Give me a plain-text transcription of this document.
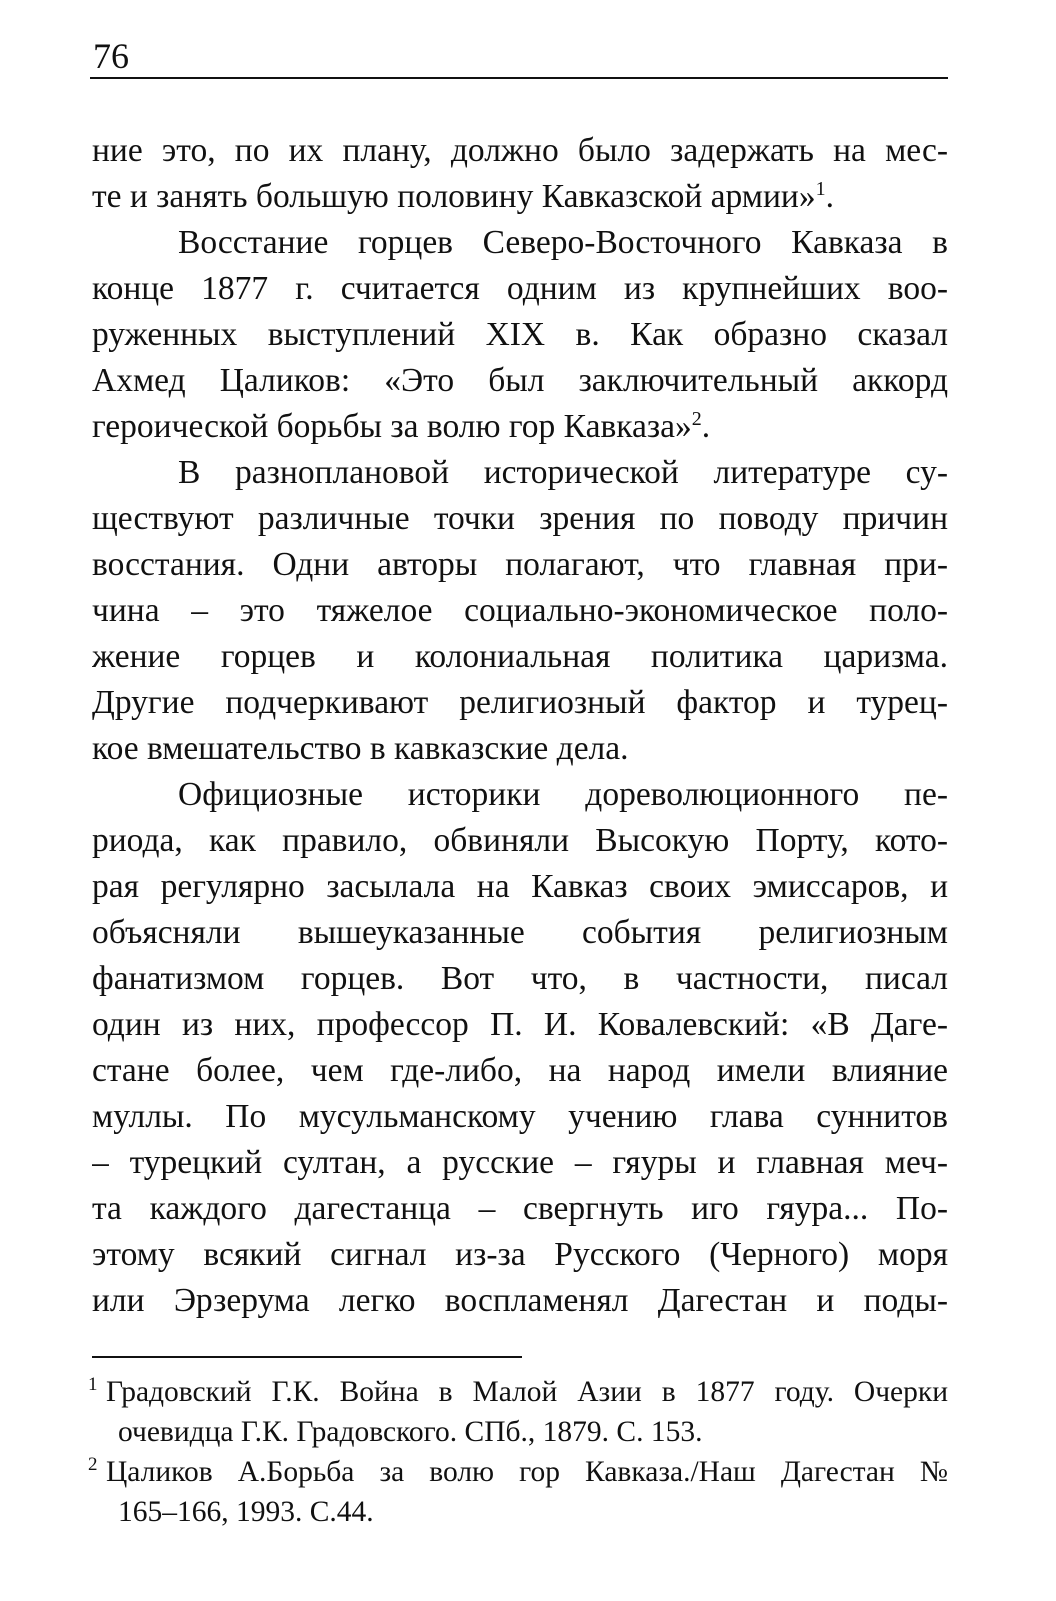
76

ние это, по их плану, должно было задержать на мес-
те и занять большую половину Кавказской армии»$^1$.
Восстание горцев Северо-Восточного Кавказа в
конце 1877 г. считается одним из крупнейших воо-
руженных выступлений XIX в. Как образно сказал
Ахмед Цаликов: «Это был заключительный аккорд
героической борьбы за волю гор Кавказа»$^2$.
В разноплановой исторической литературе су-
ществуют различные точки зрения по поводу причин
восстания. Одни авторы полагают, что главная при-
чина – это тяжелое социально-экономическое поло-
жение горцев и колониальная политика царизма.
Другие подчеркивают религиозный фактор и турец-
кое вмешательство в кавказские дела.
Официозные историки дореволюционного пе-
риода, как правило, обвиняли Высокую Порту, кото-
рая регулярно засылала на Кавказ своих эмиссаров, и
объясняли вышеуказанные события религиозным
фанатизмом горцев. Вот что, в частности, писал
один из них, профессор П. И. Ковалевский: «В Даге-
стане более, чем где-либо, на народ имели влияние
муллы. По мусульманскому учению глава суннитов
– турецкий султан, а русские – гяуры и главная меч-
та каждого дагестанца – свергнуть иго гяура... По-
этому всякий сигнал из-за Русского (Черного) моря
или Эрзерума легко воспламенял Дагестан и поды-
1 Градовский Г.К. Война в Малой Азии в 1877 году. Очерки
очевидца Г.К. Градовского. СПб., 1879. С. 153.
2 Цаликов А.Борьба за волю гор Кавказа./Наш Дагестан №
165–166, 1993. С.44.
